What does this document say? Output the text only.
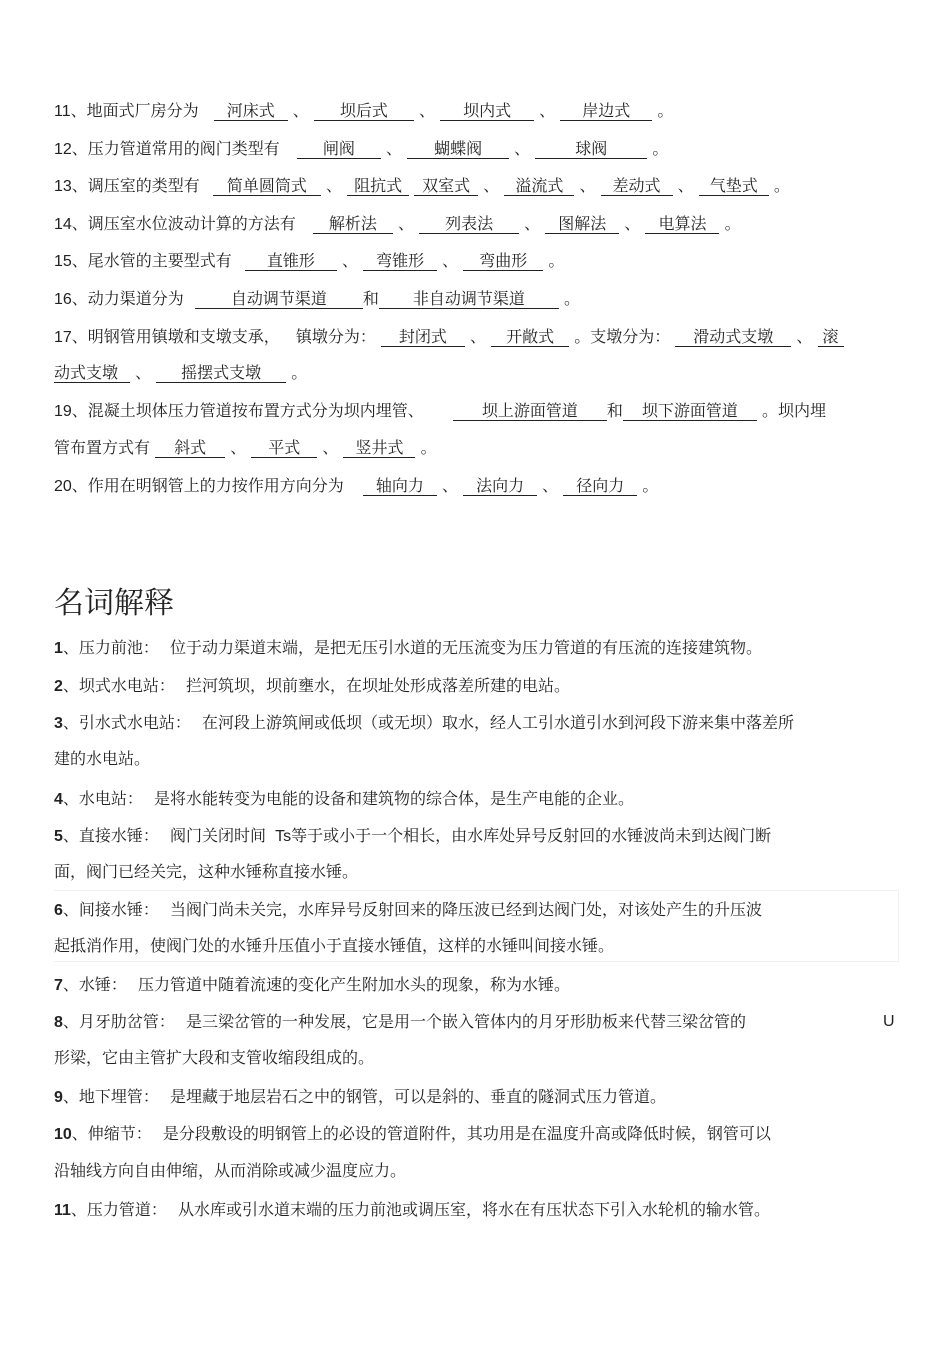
11、地面式厂房分为 河床式 、 坝后式 、 坝内式 、 岸边式 。
12、压力管道常用的阀门类型有	闸阀 、 蝴蝶阀 、 球阀	。
13、调压室的类型有 简单圆筒式 、 阻抗式 双室式 、 溢流式 、 差动式 、 气垫式 。
14、调压室水位波动计算的方法有 解析法 、 列表法 、 图解法 、 电算法 。
15、尾水管的主要型式有 直锥形 、 弯锥形 、 弯曲形 。
16、动力渠道分为	自动调节渠道 和 非自动调节渠道 。
17、明钢管用镇墩和支墩支承， 镇墩分为： 封闭式 、 开敞式 。支墩分为： 滑动式支墩 、 滚
动式支墩 、 摇摆式支墩 。
19、混凝土坝体压力管道按布置方式分为坝内埋管、	坝上游面管道 和 坝下游面管道 。坝内埋
管布置方式有 斜式 、 平式 、 竖井式 。
20、作用在明钢管上的力按作用方向分为 轴向力 、 法向力 、 径向力 。
名词解释
1、压力前池： 位于动力渠道末端，是把无压引水道的无压流变为压力管道的有压流的连接建筑物。
2、坝式水电站： 拦河筑坝，坝前壅水，在坝址处形成落差所建的电站。
3、引水式水电站： 在河段上游筑闸或低坝（或无坝）取水，经人工引水道引水到河段下游来集中落差所
建的水电站。
4、水电站： 是将水能转变为电能的设备和建筑物的综合体，是生产电能的企业。
5、直接水锤： 阀门关闭时间 Ts等于或小于一个相长，由水库处异号反射回的水锤波尚未到达阀门断
面，阀门已经关完，这种水锤称直接水锤。
6、间接水锤： 当阀门尚未关完，水库异号反射回来的降压波已经到达阀门处，对该处产生的升压波
起抵消作用，使阀门处的水锤升压值小于直接水锤值，这样的水锤叫间接水锤。
7、水锤： 压力管道中随着流速的变化产生附加水头的现象，称为水锤。
8、月牙肋岔管： 是三梁岔管的一种发展，它是用一个嵌入管体内的月牙形肋板来代替三梁岔管的	U
形梁，它由主管扩大段和支管收缩段组成的。
9、地下埋管： 是埋藏于地层岩石之中的钢管，可以是斜的、垂直的隧洞式压力管道。
10、伸缩节： 是分段敷设的明钢管上的必设的管道附件，其功用是在温度升高或降低时候，钢管可以
沿轴线方向自由伸缩，从而消除或减少温度应力。
11、压力管道： 从水库或引水道末端的压力前池或调压室，将水在有压状态下引入水轮机的输水管。
